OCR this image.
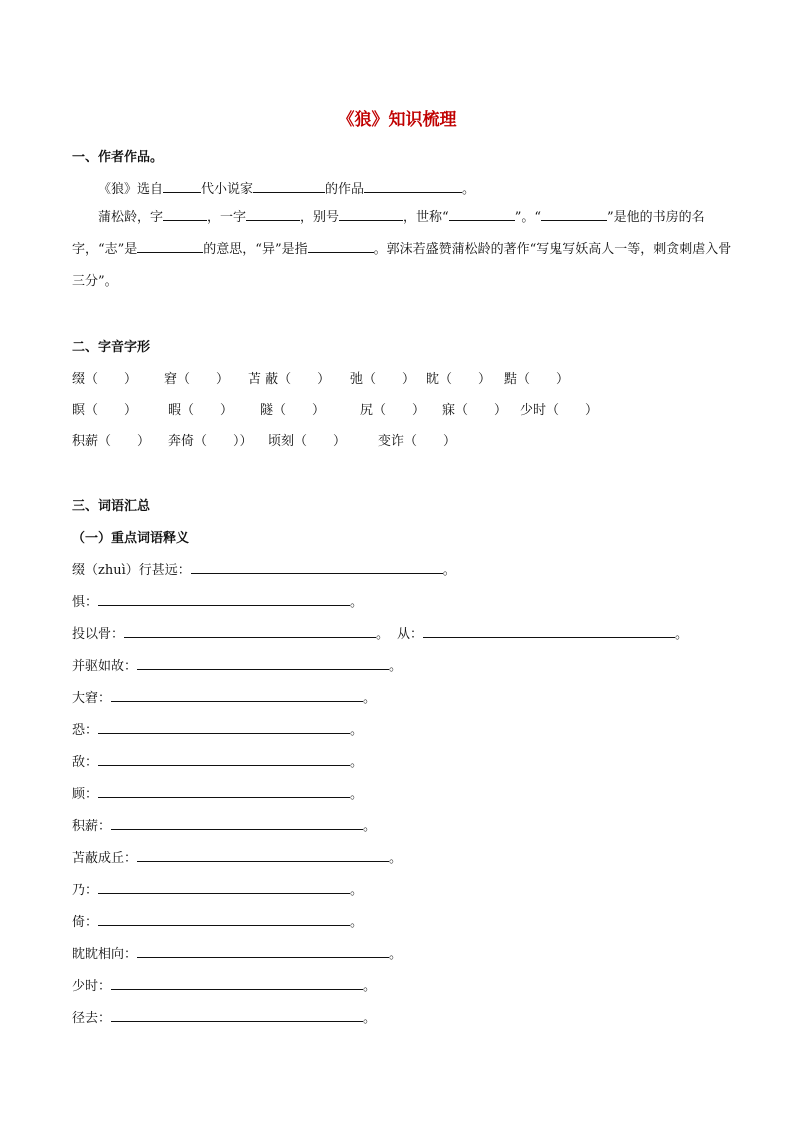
《狼》知识梳理
一、作者作品。
《狼》选自	代小说家	的作品	。
蒲松龄，字	，一字	，别号	，世称“	”。“	”是他的书房的名字，“志”是	的意思，“异”是指	。郭沫若盛赞蒲松龄的著作“写鬼写妖高人一等，刺贪刺虐入骨三分”。
二、字音字形
缀（　　） 窘（　　） 苫 蔽（　　） 弛（　　） 眈（　　） 黠（　　）
瞑（　　） 暇（　　） 隧（　　）	尻（　　） 寐（　　） 少时（　　）
积薪（　　） 奔倚（　　）） 顷刻（　　） 变诈（　　）
三、词语汇总
（一）重点词语释义
缀（zhuì）行甚远：	。
惧：	。
投以骨：	。 从：	。
并驱如故：	。
大窘：	。
恐：	。
敌：	。
顾：	。
积薪：	。
苫蔽成丘：	。
乃：	。
倚：	。
眈眈相向：	。
少时：	。
径去：	。
